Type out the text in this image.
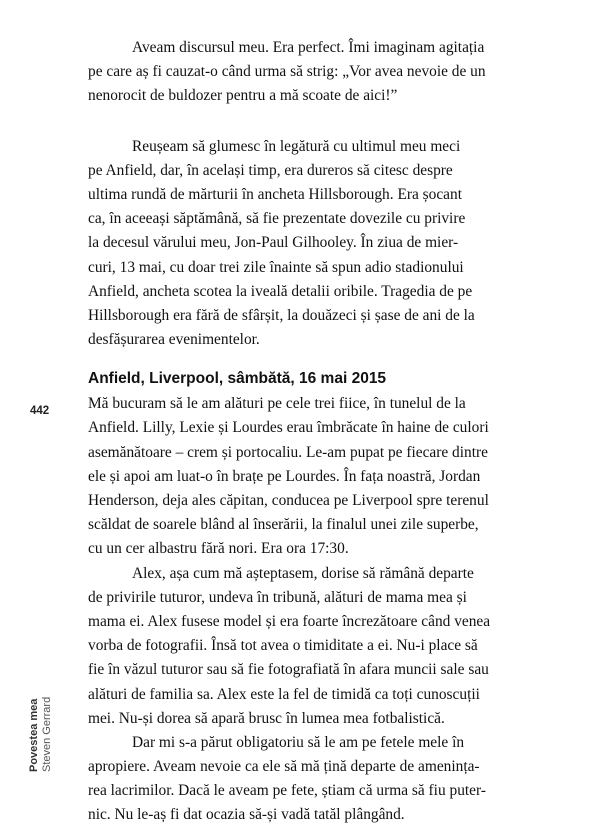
Aveam discursul meu. Era perfect. Îmi imaginam agitația
pe care aș fi cauzat-o când urma să strig: „Vor avea nevoie de un
nenorocit de buldozer pentru a mă scoate de aici!”
Reușeam să glumesc în legătură cu ultimul meu meci
pe Anfield, dar, în același timp, era dureros să citesc despre
ultima rundă de mărturii în ancheta Hillsborough. Era șocant
ca, în aceeași săptămână, să fie prezentate dovezile cu privire
la decesul vărului meu, Jon-Paul Gilhooley. În ziua de mier-
curi, 13 mai, cu doar trei zile înainte să spun adio stadionului
Anfield, ancheta scotea la iveală detalii oribile. Tragedia de pe
Hillsborough era fără de sfârșit, la douăzeci și șase de ani de la
desfășurarea evenimentelor.
Anfield, Liverpool, sâmbătă, 16 mai 2015
Mă bucuram să le am alături pe cele trei fiice, în tunelul de la
Anfield. Lilly, Lexie și Lourdes erau îmbrăcate în haine de culori
asemănătoare – crem și portocaliu. Le-am pupat pe fiecare dintre
ele și apoi am luat-o în brațe pe Lourdes. În fața noastră, Jordan
Henderson, deja ales căpitan, conducea pe Liverpool spre terenul
scăldat de soarele blând al înserării, la finalul unei zile superbe,
cu un cer albastru fără nori. Era ora 17:30.
Alex, așa cum mă așteptasem, dorise să rămână departe
de privirile tuturor, undeva în tribună, alături de mama mea și
mama ei. Alex fusese model și era foarte încrezătoare când venea
vorba de fotografii. Însă tot avea o timiditate a ei. Nu-i place să
fie în văzul tuturor sau să fie fotografiată în afara muncii sale sau
alături de familia sa. Alex este la fel de timidă ca toți cunoscuții
mei. Nu-și dorea să apară brusc în lumea mea fotbalistică.
Dar mi s-a părut obligatoriu să le am pe fetele mele în
apropiere. Aveam nevoie ca ele să mă țină departe de amenința-
rea lacrimilor. Dacă le aveam pe fete, știam că urma să fiu puter-
nic. Nu le-aș fi dat ocazia să-și vadă tatăl plângând.
442
Povestea mea Steven Gerrard
